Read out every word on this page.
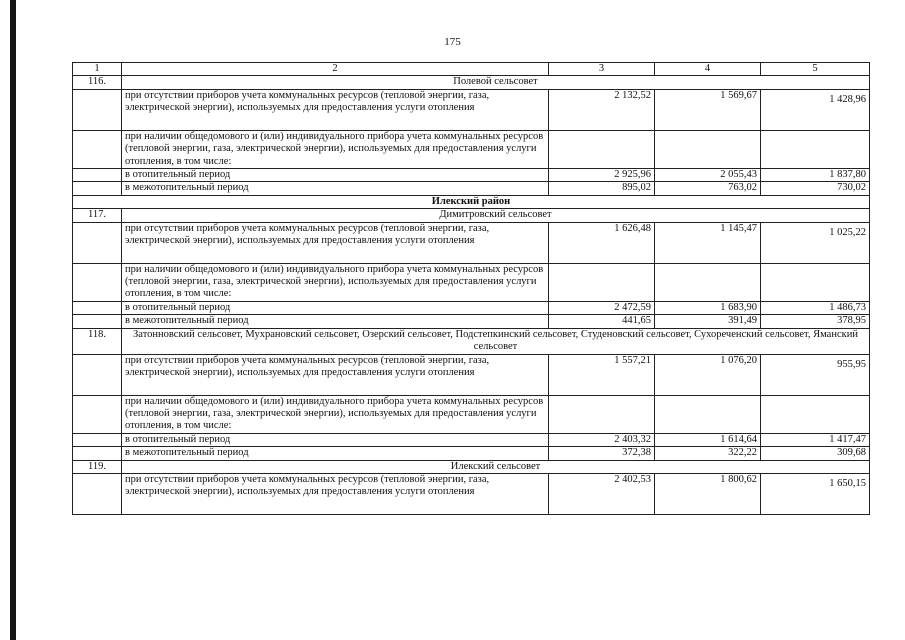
175
1	2	3	4	5
116.	Полевой сельсовет			
	при отсутствии приборов учета коммунальных ресурсов (тепловой энергии, газа, электрической энергии), используемых для предоставления услуги отопления	2 132,52	1 569,67	1 428,96
	при наличии общедомового и (или) индивидуального прибора учета коммунальных ресурсов (тепловой энергии, газа, электрической энергии), используемых для предоставления услуги отопления, в том числе:			
	в отопительный период	2 925,96	2 055,43	1 837,80
	в межотопительный период	895,02	763,02	730,02
Илекский район				
117.	Димитровский сельсовет			
	при отсутствии приборов учета коммунальных ресурсов (тепловой энергии, газа, электрической энергии), используемых для предоставления услуги отопления	1 626,48	1 145,47	1 025,22
	при наличии общедомового и (или) индивидуального прибора учета коммунальных ресурсов (тепловой энергии, газа, электрической энергии), используемых для предоставления услуги отопления, в том числе:			
	в отопительный период	2 472,59	1 683,90	1 486,73
	в межотопительный период	441,65	391,49	378,95
118.	Затонновский сельсовет, Мухрановский сельсовет, Озерский сельсовет, Подстепкинский сельсовет, Студеновский сельсовет, Сухореченский сельсовет, Яманский сельсовет			
	при отсутствии приборов учета коммунальных ресурсов (тепловой энергии, газа, электрической энергии), используемых для предоставления услуги отопления	1 557,21	1 076,20	955,95
	при наличии общедомового и (или) индивидуального прибора учета коммунальных ресурсов (тепловой энергии, газа, электрической энергии), используемых для предоставления услуги отопления, в том числе:			
	в отопительный период	2 403,32	1 614,64	1 417,47
	в межотопительный период	372,38	322,22	309,68
119.	Илекский сельсовет			
	при отсутствии приборов учета коммунальных ресурсов (тепловой энергии, газа, электрической энергии), используемых для предоставления услуги отопления	2 402,53	1 800,62	1 650,15
